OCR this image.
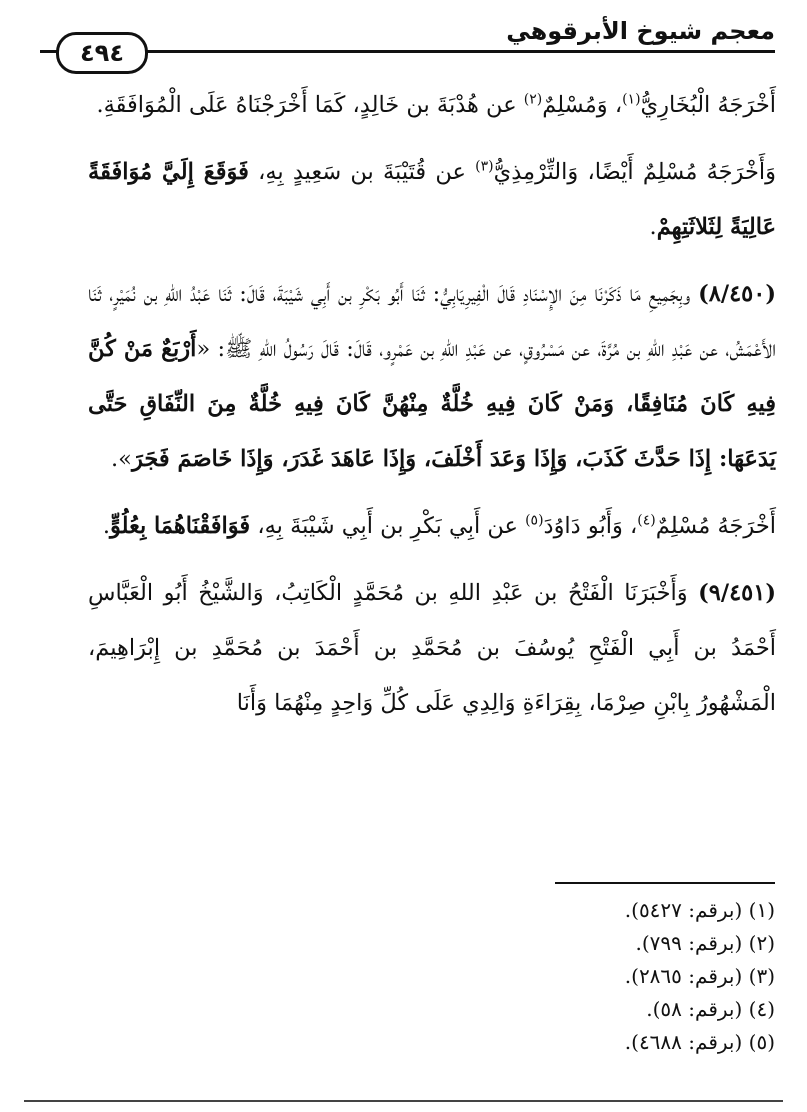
معجم شيوخ الأبرقوهي
٤٩٤

أَخْرَجَهُ الْبُخَارِيُّ$^{(١)}$، وَمُسْلِمٌ$^{(٢)}$ عن هُدْبَةَ بن خَالِدٍ، كَمَا أَخْرَجْنَاهُ عَلَى الْمُوَافَقَةِ.

وَأَخْرَجَهُ مُسْلِمٌ أَيْضًا، وَالتِّرْمِذِيُّ$^{(٣)}$ عن قُتَيْبَةَ بن سَعِيدٍ بِهِ، فَوَقَعَ إِلَيَّ مُوَافَقَةً عَالِيَةً لِثَلاثَتِهِمْ.

(٨/٤٥٠) وبِجَمِيعِ مَا ذَكَرْنَا مِنَ الإِسْنَادِ قَالَ الْفِيرِيَابِيُّ: ثَنَا أَبُو بَكْرِ بن أَبِي شَيْبَةَ، قَالَ: ثَنَا عَبْدُ اللهِ بن نُمَيْرٍ، ثَنَا الأَعْمَشُ، عن عَبْدِ اللهِ بن مُرَّةَ، عن مَسْرُوقٍ، عن عَبْدِ اللهِ بن عَمْرٍو، قَالَ: قَالَ رَسُولُ اللهِ ﷺ: «أَرْبَعٌ مَنْ كُنَّ فِيهِ كَانَ مُنَافِقًا، وَمَنْ كَانَ فِيهِ خُلَّةٌ مِنْهُنَّ كَانَ فِيهِ خُلَّةٌ مِنَ النِّفَاقِ حَتَّى يَدَعَهَا: إِذَا حَدَّثَ كَذَبَ، وَإِذَا وَعَدَ أَخْلَفَ، وَإِذَا عَاهَدَ غَدَرَ، وَإِذَا خَاصَمَ فَجَرَ».

أَخْرَجَهُ مُسْلِمٌ$^{(٤)}$، وَأَبُو دَاوُدَ$^{(٥)}$ عن أَبِي بَكْرِ بن أَبِي شَيْبَةَ بِهِ، فَوَافَقْنَاهُمَا بِعُلُوٍّ.

(٩/٤٥١) وَأَخْبَرَنَا الْفَتْحُ بن عَبْدِ اللهِ بن مُحَمَّدٍ الْكَاتِبُ، وَالشَّيْخُ أَبُو الْعَبَّاسِ أَحْمَدُ بن أَبِي الْفَتْحِ يُوسُفَ بن مُحَمَّدِ بن أَحْمَدَ بن مُحَمَّدِ بن إِبْرَاهِيمَ، الْمَشْهُورُ بِابْنِ صِرْمَا، بِقِرَاءَةِ وَالِدِي عَلَى كُلِّ وَاحِدٍ مِنْهُمَا وَأَنَا

(١) (برقم: ٥٤٢٧).
(٢) (برقم: ٧٩٩).
(٣) (برقم: ٢٨٦٥).
(٤) (برقم: ٥٨).
(٥) (برقم: ٤٦٨٨).
